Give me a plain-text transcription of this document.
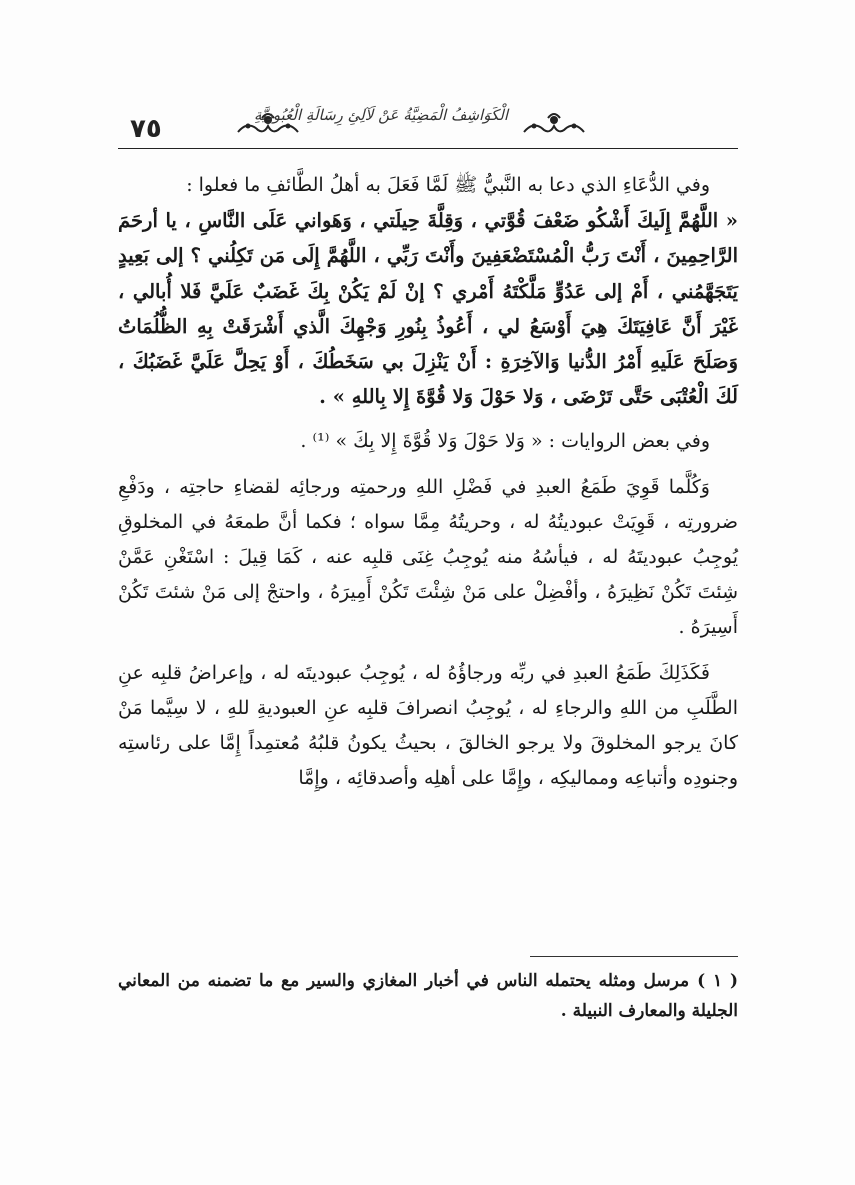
٧٥	الْكَوَاشِفُ الْمَضِيَّةُ عَنْ لَآلِئِ رِسَالَةِ الْعُبُودِيَّةِ

وفي الدُّعَاءِ الذي دعا به النَّبيُّ ﷺ لَمَّا فَعَلَ به أهلُ الطَّائفِ ما فعلوا :

« اللَّهُمَّ إِلَيكَ أَشْكُو ضَعْفَ قُوَّتي ، وَقِلَّةَ حِيلَتي ، وَهَواني عَلَى النَّاسِ ، يا أرحَمَ الرَّاحِمِينَ ، أَنْتَ رَبُّ الْمُسْتَضْعَفِينَ وأَنْتَ رَبِّي ، اللَّهُمَّ إِلَى مَن تَكِلُني ؟ إلى بَعِيدٍ يَتَجَهَّمُني ، أَمْ إلى عَدُوٍّ مَلَّكْتَهُ أَمْري ؟ إنْ لَمْ يَكُنْ بِكَ غَضَبٌ عَلَيَّ فَلا أُبالي ، غَيْرَ أَنَّ عَافِيَتَكَ هِيَ أَوْسَعُ لي ، أَعُوذُ بِنُورِ وَجْهِكَ الَّذي أَشْرَقَتْ بِهِ الظُّلُمَاتُ وَصَلَحَ عَلَيهِ أَمْرُ الدُّنيا وَالآخِرَةِ : أَنْ يَنْزِلَ بي سَخَطُكَ ، أَوْ يَحِلَّ عَلَيَّ غَضَبُكَ ، لَكَ الْعُتْبَى حَتَّى تَرْضَى ، وَلا حَوْلَ وَلا قُوَّةَ إِلا بِاللهِ » .

وفي بعض الروايات : « وَلا حَوْلَ وَلا قُوَّةَ إِلا بِكَ » ⁽¹⁾ .

وَكُلَّما قَوِيَ طَمَعُ العبدِ في فَضْلِ اللهِ ورحمتِه ورجائِه لقضاءِ حاجتِه ، ودَفْعِ ضرورتِه ، قَوِيَتْ عبوديتُهُ له ، وحريتُهُ مِمَّا سواه ؛ فكما أنَّ طمعَهُ في المخلوقِ يُوجِبُ عبوديتَهُ له ، فيأسُهُ منه يُوجِبُ غِنَى قلبِه عنه ، كَمَا قِيلَ : اسْتَغْنِ عَمَّنْ شِئتَ تَكُنْ نَظِيرَهُ ، وأفْضِلْ على مَنْ شِئْتَ تَكُنْ أَمِيرَهُ ، واحتجْ إلى مَنْ شئتَ تَكُنْ أَسِيرَهُ .

فَكَذَلِكَ طَمَعُ العبدِ في ربِّه ورجاؤُهُ له ، يُوجِبُ عبوديتَه له ، وإعراضُ قلبِه عنِ الطَّلَبِ من اللهِ والرجاءِ له ، يُوجِبُ انصرافَ قلبِه عنِ العبوديةِ للهِ ، لا سِيَّما مَنْ كانَ يرجو المخلوقَ ولا يرجو الخالقَ ، بحيثُ يكونُ قلبُهُ مُعتمِداً إِمَّا على رئاستِه وجنودِه وأتباعِه ومماليكِه ، وإِمَّا على أهلِه وأصدقائِه ، وإِمَّا

( ١ )مرسل ومثله يحتمله الناس في أخبار المغازي والسير مع ما تضمنه من المعاني الجليلة والمعارف النبيلة .
